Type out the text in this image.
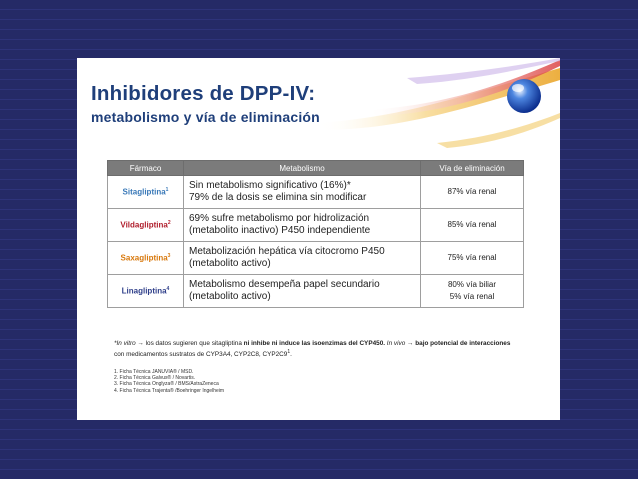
Inhibidores de DPP-IV:
metabolismo y vía de eliminación
Fármaco	Metabolismo	Vía de eliminación
Sitagliptina$^1$	Sin metabolismo significativo (16%)*
79% de la dosis se elimina sin modificar	87% vía renal

Vildagliptina$^2$	69% sufre metabolismo por hidrolización
(metabolito inactivo) P450 independiente	85% vía renal

Saxagliptina$^3$	Metabolización hepática vía citocromo P450
(metabolito activo)	75% vía renal

Linagliptina$^4$	Metabolismo desempeña papel secundario
(metabolito activo)	80% vía biliar
5% vía renal
*In vitro → los datos sugieren que sitagliptina ni inhibe ni induce las isoenzimas del CYP450. In vivo → bajo potencial de interacciones con medicamentos sustratos de CYP3A4, CYP2C8, $CYP2C9^1$.
1. Ficha Técnica JANUVIA® / MSD.
2. Ficha Técnica Galvus® / Novartis.
3. Ficha Técnica Onglyza® / BMS/AstraZeneca
4. Ficha Técnica Trajenta® /Boehringer Ingelheim
